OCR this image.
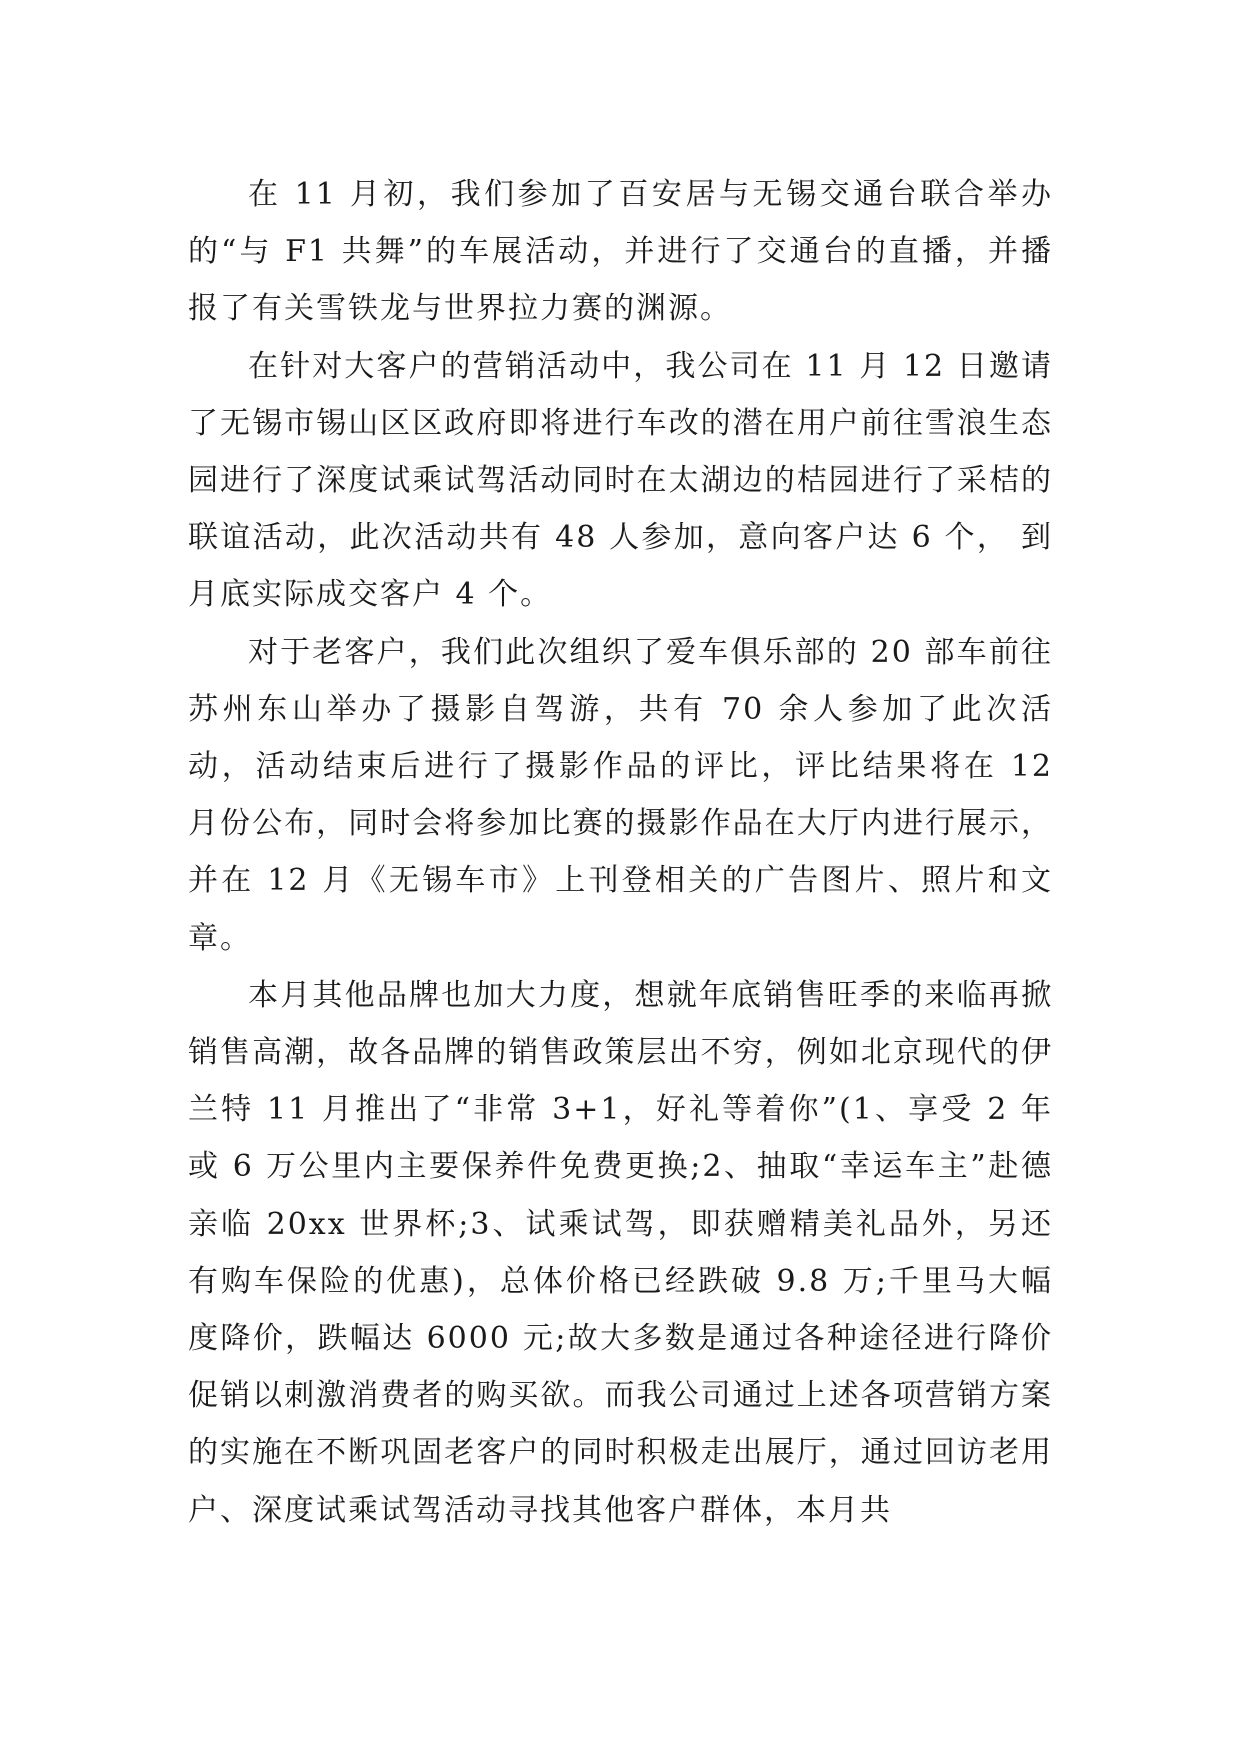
在 11 月初，我们参加了百安居与无锡交通台联合举办的“与 F1 共舞”的车展活动，并进行了交通台的直播，并播报了有关雪铁龙与世界拉力赛的渊源。

在针对大客户的营销活动中，我公司在 11 月 12 日邀请了无锡市锡山区区政府即将进行车改的潜在用户前往雪浪生态园进行了深度试乘试驾活动同时在太湖边的桔园进行了采桔的联谊活动，此次活动共有 48 人参加，意向客户达 6 个， 到月底实际成交客户 4 个。

对于老客户，我们此次组织了爱车俱乐部的 20 部车前往苏州东山举办了摄影自驾游，共有 70 余人参加了此次活动，活动结束后进行了摄影作品的评比，评比结果将在 12 月份公布，同时会将参加比赛的摄影作品在大厅内进行展示，并在 12 月《无锡车市》上刊登相关的广告图片、照片和文章。

本月其他品牌也加大力度，想就年底销售旺季的来临再掀销售高潮，故各品牌的销售政策层出不穷，例如北京现代的伊兰特 11 月推出了“非常 3+1，好礼等着你”(1、享受 2 年或 6 万公里内主要保养件免费更换;2、抽取“幸运车主”赴德亲临 20xx 世界杯;3、试乘试驾，即获赠精美礼品外，另还有购车保险的优惠)，总体价格已经跌破 9.8 万;千里马大幅度降价，跌幅达 6000 元;故大多数是通过各种途径进行降价促销以刺激消费者的购买欲。而我公司通过上述各项营销方案的实施在不断巩固老客户的同时积极走出展厅，通过回访老用户、深度试乘试驾活动寻找其他客户群体，本月共
